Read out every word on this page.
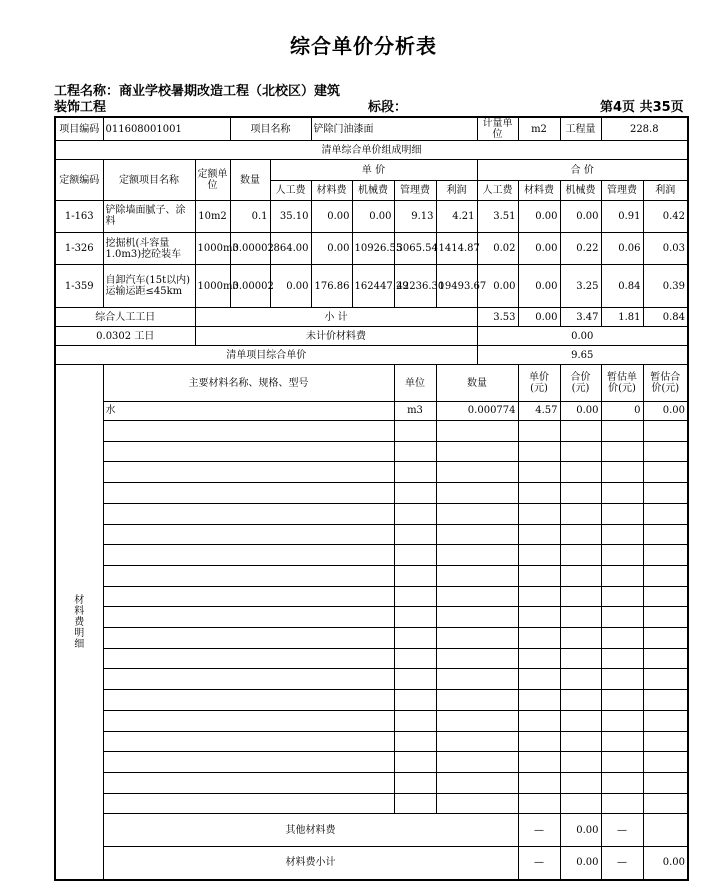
综合单价分析表
工程名称：商业学校暑期改造工程（北校区）建筑
装饰工程	标段：	第4页 共35页
项目编码	011608001001		项目名称		铲除门油漆面				计量单位	m2	工程量	228.8	
清单综合单价组成明细													
定额编码	定额项目名称	定额单位	数量	单 价					合 价				
				人工费	材料费	机械费	管理费	利润	人工费	材料费	机械费	管理费	利润
1-163	铲除墙面腻子、涂料	10m2	0.1	35.10	0.00	0.00	9.13	4.21	3.51	0.00	0.00	0.91	0.42
1-326	挖掘机(斗容量1.0m3)挖砼装车	1000m3	0.00002	864.00	0.00	10926.55	3065.54	1414.87	0.02	0.00	0.22	0.06	0.03
1-359	自卸汽车(15t以内)运输运距≤45km	1000m3	0.00002	0.00	176.86	162447.29	42236.30	19493.67	0.00	0.00	3.25	0.84	0.39
综合人工工日		小 计							3.53	0.00	3.47	1.81	0.84
0.0302 工日		未计价材料费							0.00				
清单项目综合单价									9.65				
材料费明细	主要材料名称、规格、型号						单位	数量		单价(元)	合价(元)	暂估单价(元)	暂估合价(元)
	水						m3	0.000774		4.57	0.00	0	0.00

	其他材料费									—	0.00	—	
	材料费小计									—	0.00	—	0.00
